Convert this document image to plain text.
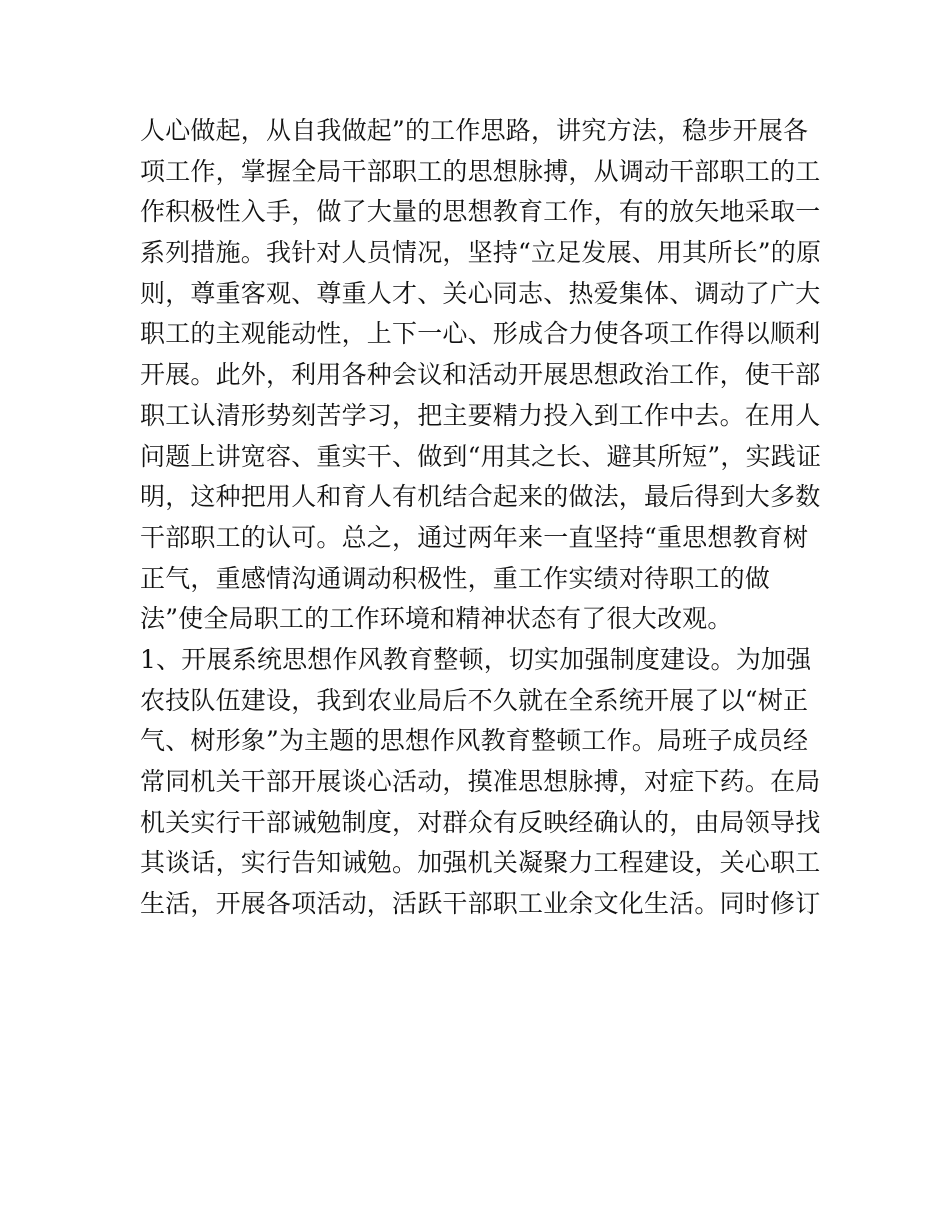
人心做起，从自我做起”的工作思路，讲究方法，稳步开展各
项工作，掌握全局干部职工的思想脉搏，从调动干部职工的工
作积极性入手，做了大量的思想教育工作，有的放矢地采取一
系列措施。我针对人员情况，坚持“立足发展、用其所长”的原
则，尊重客观、尊重人才、关心同志、热爱集体、调动了广大
职工的主观能动性，上下一心、形成合力使各项工作得以顺利
开展。此外，利用各种会议和活动开展思想政治工作，使干部
职工认清形势刻苦学习，把主要精力投入到工作中去。在用人
问题上讲宽容、重实干、做到“用其之长、避其所短”，实践证
明，这种把用人和育人有机结合起来的做法，最后得到大多数
干部职工的认可。总之，通过两年来一直坚持“重思想教育树
正气，重感情沟通调动积极性，重工作实绩对待职工的做
法”使全局职工的工作环境和精神状态有了很大改观。
1、开展系统思想作风教育整顿，切实加强制度建设。为加强
农技队伍建设，我到农业局后不久就在全系统开展了以“树正
气、树形象”为主题的思想作风教育整顿工作。局班子成员经
常同机关干部开展谈心活动，摸准思想脉搏，对症下药。在局
机关实行干部诫勉制度，对群众有反映经确认的，由局领导找
其谈话，实行告知诫勉。加强机关凝聚力工程建设，关心职工
生活，开展各项活动，活跃干部职工业余文化生活。同时修订
